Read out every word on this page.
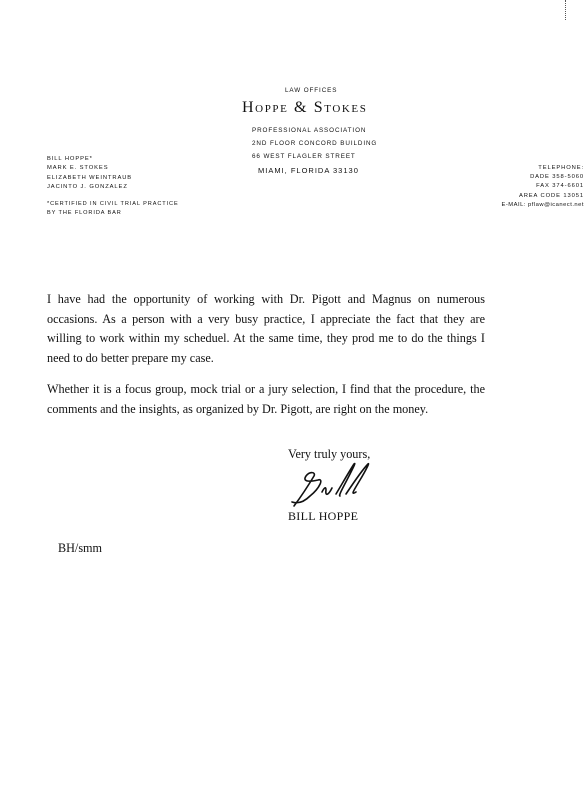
LAW OFFICES
Hoppe & Stokes
PROFESSIONAL ASSOCIATION
2ND FLOOR CONCORD BUILDING
66 WEST FLAGLER STREET
MIAMI, FLORIDA 33130
BILL HOPPE*
MARK E. STOKES
ELIZABETH WEINTRAUB
JACINTO J. GONZALEZ
*CERTIFIED IN CIVIL TRIAL PRACTICE
BY THE FLORIDA BAR
TELEPHONE:
DADE 358-5060
FAX 374-6601
AREA CODE 13051
E-MAIL: pflaw@icanect.net

I have had the opportunity of working with Dr. Pigott and Magnus on numerous occasions. As a person with a very busy practice, I appreciate the fact that they are willing to work within my scheduel. At the same time, they prod me to do the things I need to do better prepare my case.

Whether it is a focus group, mock trial or a jury selection, I find that the procedure, the comments and the insights, as organized by Dr. Pigott, are right on the money.

Very truly yours,
BILL HOPPE
BH/smm
